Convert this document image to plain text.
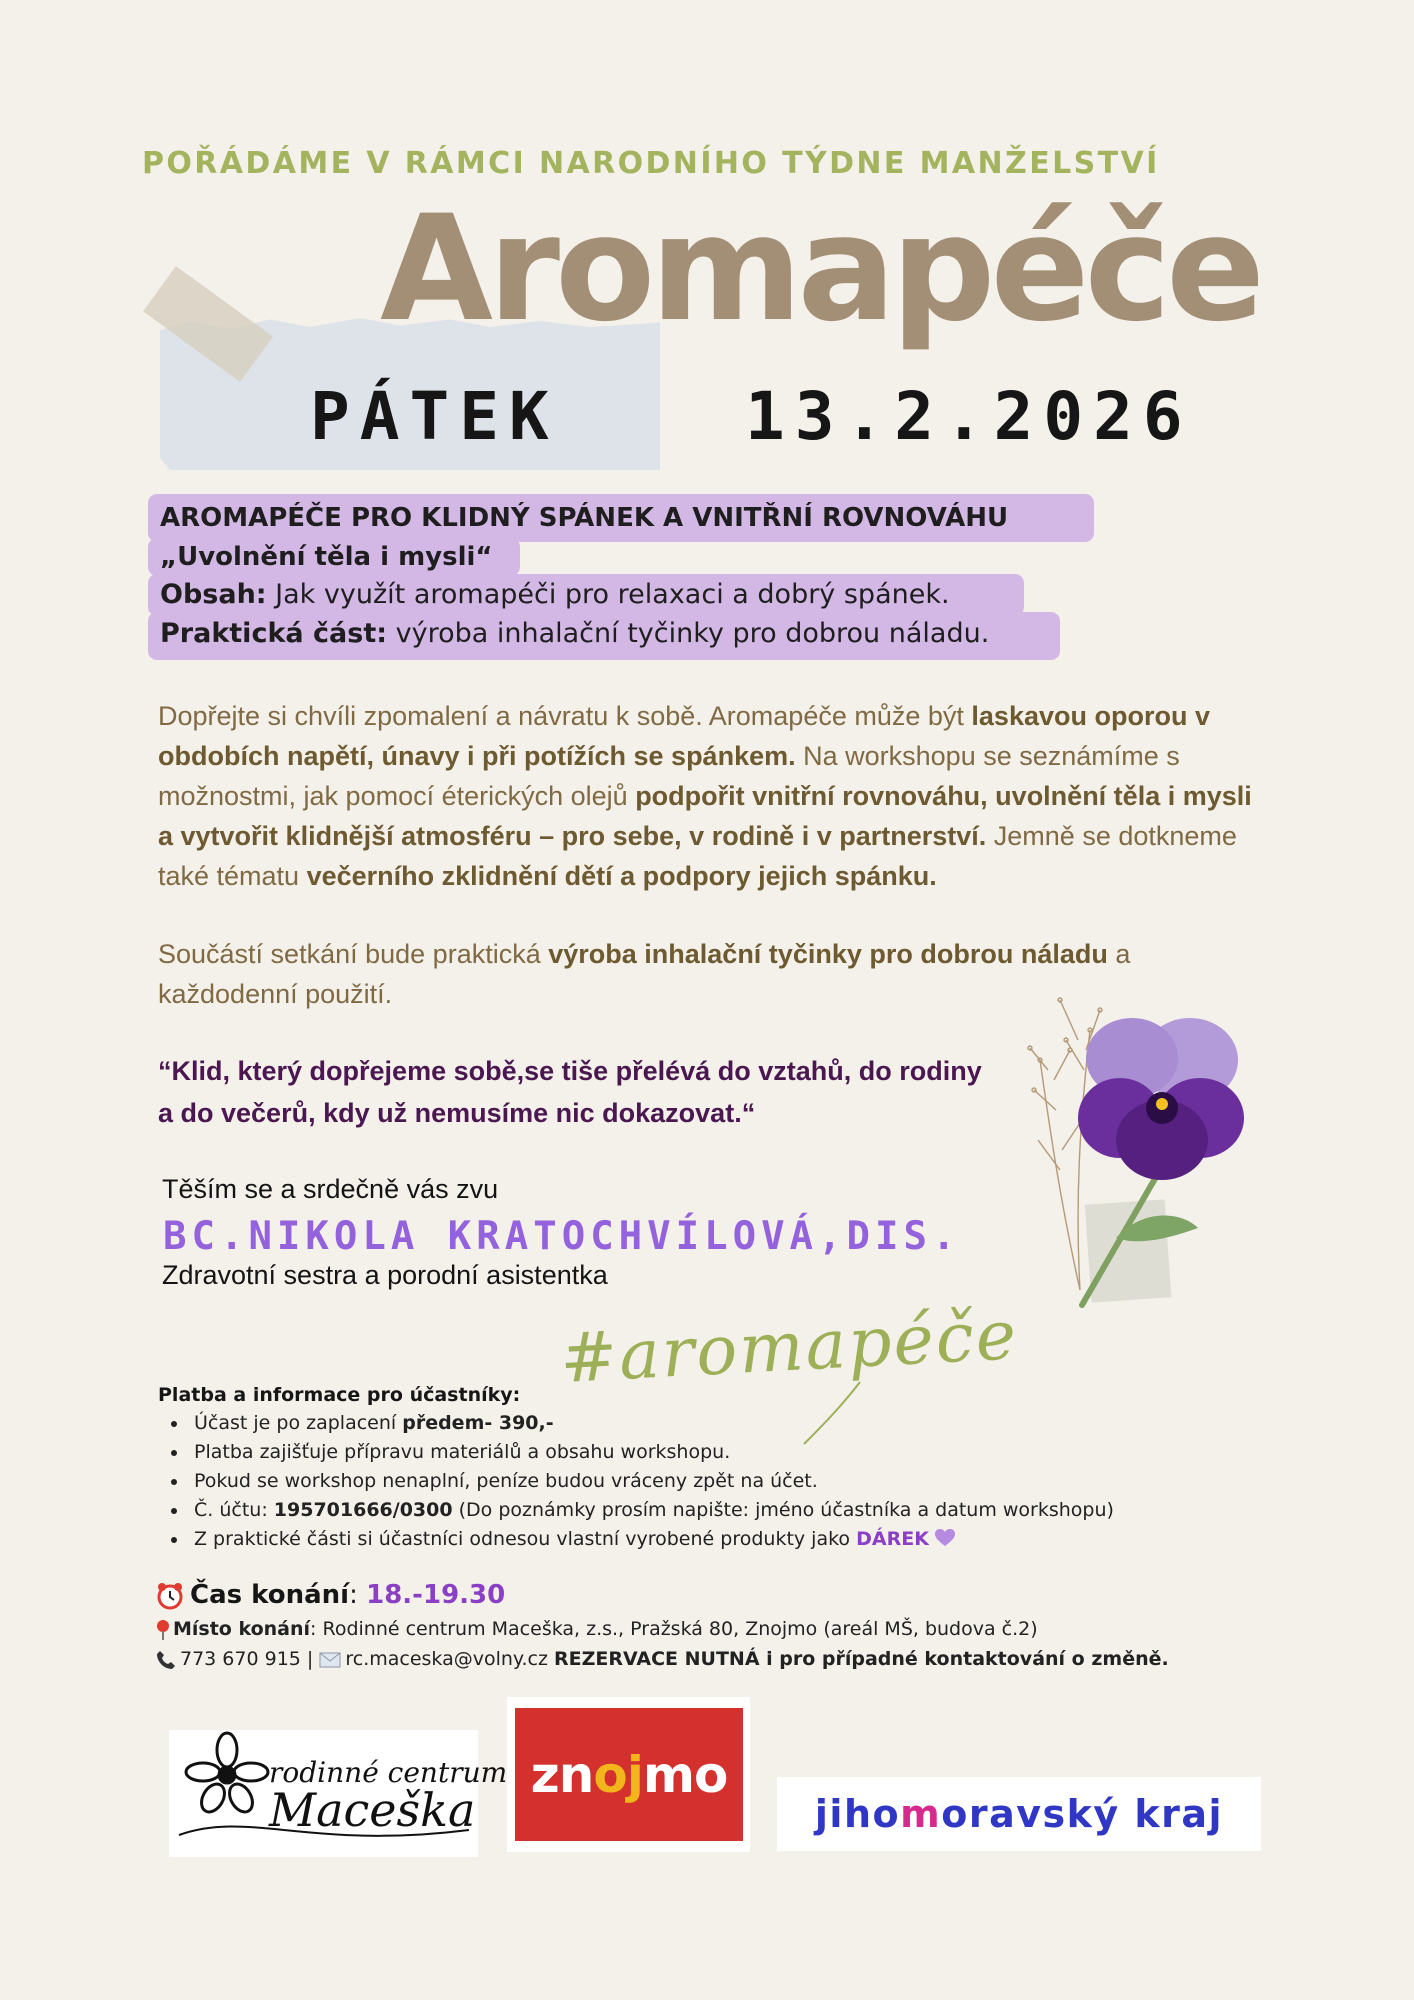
POŘÁDÁME V RÁMCI NARODNÍHO TÝDNE MANŽELSTVÍ
Aromapéče
PÁTEK	13.2.2026
AROMAPÉČE PRO KLIDNÝ SPÁNEK A VNITŘNÍ ROVNOVÁHU
„Uvolnění těla i mysli“
Obsah: Jak využít aromapéči pro relaxaci a dobrý spánek.
Praktická část: výroba inhalační tyčinky pro dobrou náladu.
Dopřejte si chvíli zpomalení a návratu k sobě. Aromapéče může být laskavou oporou v obdobích napětí, únavy i při potížích se spánkem. Na workshopu se seznámíme s možnostmi, jak pomocí éterických olejů podpořit vnitřní rovnováhu, uvolnění těla i mysli a vytvořit klidnější atmosféru – pro sebe, v rodině i v partnerství. Jemně se dotkneme také tématu večerního zklidnění dětí a podpory jejich spánku.
Součástí setkání bude praktická výroba inhalační tyčinky pro dobrou náladu a každodenní použití.
“Klid, který dopřejeme sobě,se tiše přelévá do vztahů, do rodiny
a do večerů, kdy už nemusíme nic dokazovat.“
Těším se a srdečně vás zvu
BC.NIKOLA KRATOCHVÍLOVÁ,DIS.
Zdravotní sestra a porodní asistentka
#aromapéče
Platba a informace pro účastníky:
Účast je po zaplacení předem- 390,-
Platba zajišťuje přípravu materiálů a obsahu workshopu.
Pokud se workshop nenaplní, peníze budou vráceny zpět na účet.
Č. účtu: 195701666/0300 (Do poznámky prosím napište: jméno účastníka a datum workshopu)
Z praktické části si účastníci odnesou vlastní vyrobené produkty jako DÁREK
Čas konání: 18.-19.30
Místo konání: Rodinné centrum Maceška, z.s., Pražská 80, Znojmo (areál MŠ, budova č.2)
773 670 915 | rc.maceska@volny.cz REZERVACE NUTNÁ i pro případné kontaktování o změně.
rodinné centrum
Maceška
zn oj mo
jiho m oravský kraj
